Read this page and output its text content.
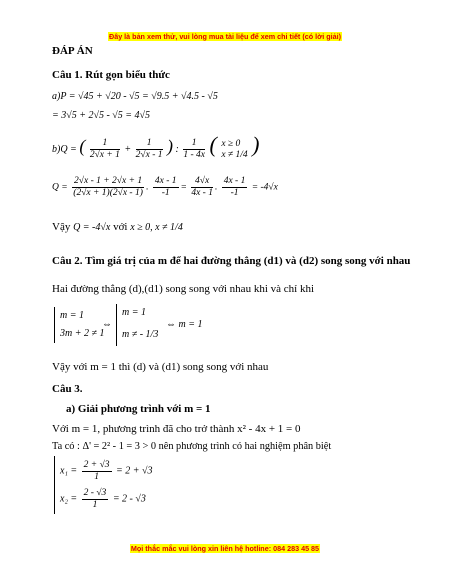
Đây là bản xem thử, vui lòng mua tài liệu để xem chi tiết (có lời giải)
ĐÁP ÁN
Câu 1. Rút gọn biểu thức
a)P = √45 + √20 - √5 = √9.5 + √4.5 - √5
= 3√5 + 2√5 - √5 = 4√5
b)Q = ( $\frac{1}{2√x + 1} + \frac{1}{2√x - 1}$ ) : $\frac{1}{1 - 4x}$ ( x ≥ 0
x ≠ 1/4 )
$Q = \frac{2√x - 1 + 2√x + 1}{(2√x + 1)(2√x - 1)}$ . $\frac{4x - 1}{-1} = \frac{4√x}{4x - 1}$ . $\frac{4x - 1}{-1} = -4√x$
Vậy Q = -4√x với x ≥ 0, x ≠ 1/4
Câu 2. Tìm giá trị của m để hai đường thẳng (d1) và (d2) song song với nhau
Hai đường thẳng (d),(d1) song song với nhau khi và chỉ khi
m = 1
3m + 2 ≠ 1
⇔
m = 1
m ≠ - 1/3
⇔ m = 1
Vậy với m = 1 thì (d) và (d1) song song với nhau
Câu 3.
a) Giải phương trình với m = 1
Với m = 1, phương trình đã cho trở thành x² - 4x + 1 = 0
Ta có : Δ' = 2² - 1 = 3 > 0 nên phương trình có hai nghiệm phân biệt
$x_1 = \frac{2 + √3}{1} = 2 + √3$
$x_2 = \frac{2 - √3}{1} = 2 - √3$
Mọi thắc mắc vui lòng xin liên hệ hotline: 084 283 45 85
